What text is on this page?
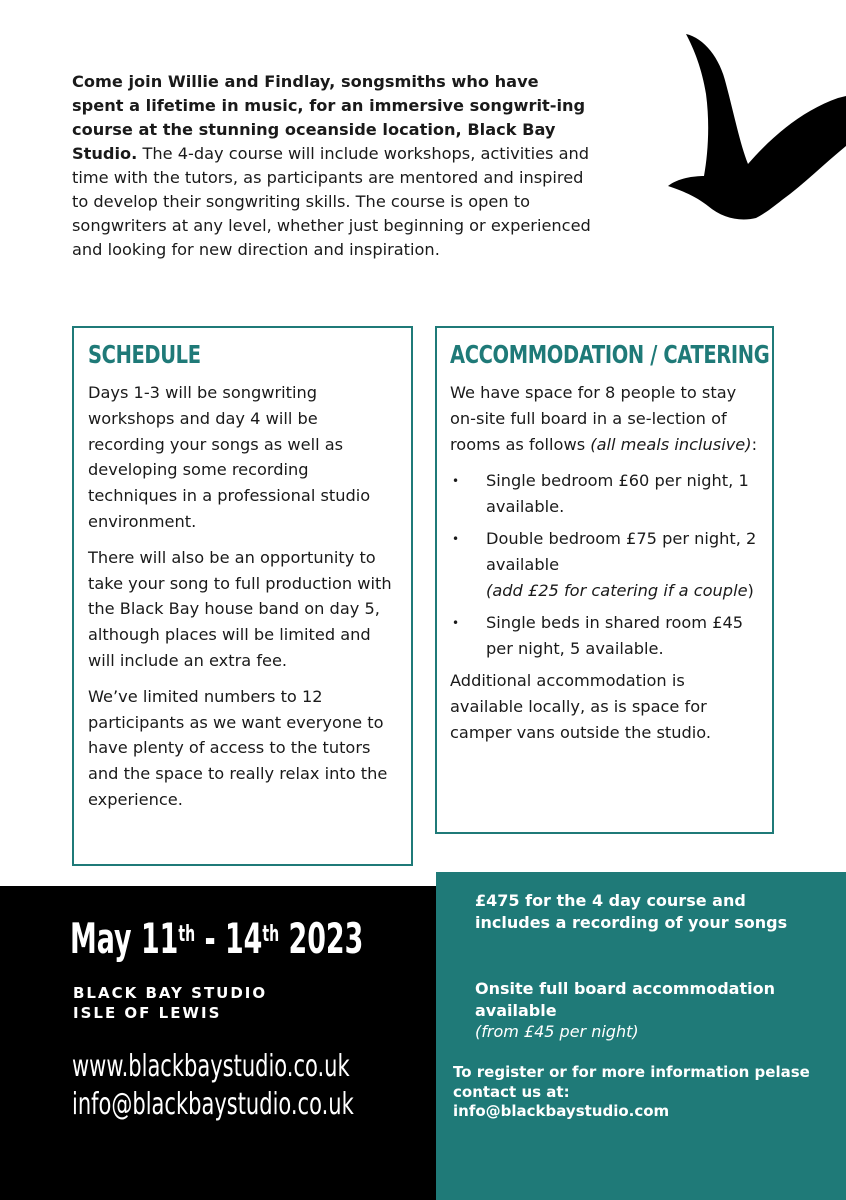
Come join Willie and Findlay, songsmiths who have spent a lifetime in music, for an immersive songwrit-ing course at the stunning oceanside location, Black Bay Studio. The 4-day course will include workshops, activities and time with the tutors, as participants are mentored and inspired to develop their songwriting skills. The course is open to songwriters at any level, whether just beginning or experienced and looking for new direction and inspiration.
SCHEDULE

Days 1-3 will be songwriting workshops and day 4 will be recording your songs as well as developing some recording techniques in a professional studio environment.

There will also be an opportunity to take your song to full production with the Black Bay house band on day 5, although places will be limited and will include an extra fee.

We’ve limited numbers to 12 participants as we want everyone to have plenty of access to the tutors and the space to really relax into the experience.

ACCOMMODATION / CATERING

We have space for 8 people to stay on-site full board in a se-lection of rooms as follows (all meals inclusive):

• Single bedroom £60 per night, 1 available.
• Double bedroom £75 per night, 2 available
(add £25 for catering if a couple)
• Single beds in shared room £45 per night, 5 available.

Additional accommodation is available locally, as is space for camper vans outside the studio.

May 11th - 14th 2023
BLACK BAY STUDIO
ISLE OF LEWIS
www.blackbaystudio.co.uk
info@blackbaystudio.co.uk
£475 for the 4 day course and includes a recording of your songs
Onsite full board accommodation available
(from £45 per night)
To register or for more information pelase contact us at:
info@blackbaystudio.com
